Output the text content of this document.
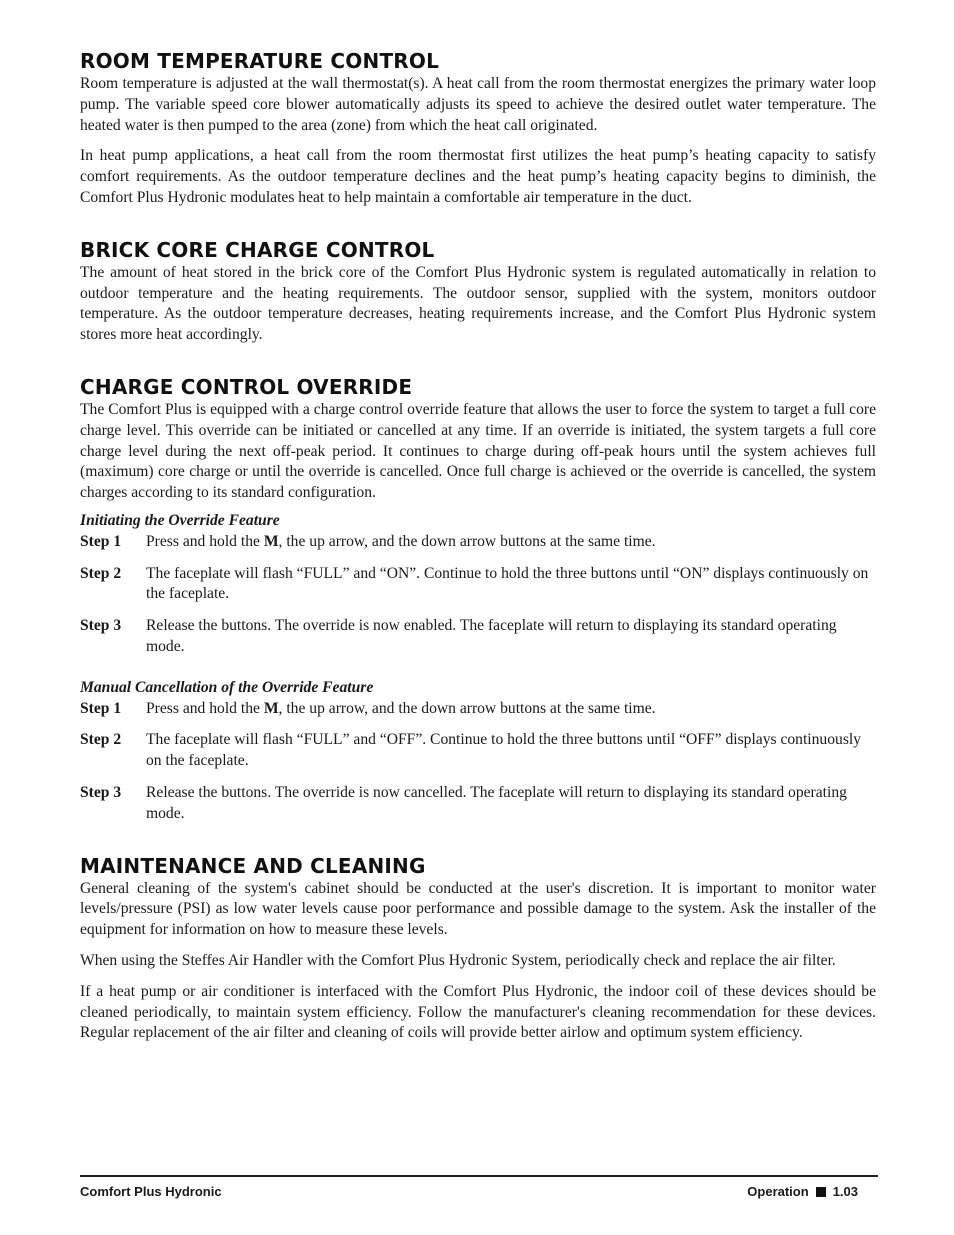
ROOM TEMPERATURE CONTROL

Room temperature is adjusted at the wall thermostat(s). A heat call from the room thermostat energizes the primary water loop pump. The variable speed core blower automatically adjusts its speed to achieve the desired outlet water temperature. The heated water is then pumped to the area (zone) from which the heat call originated.

In heat pump applications, a heat call from the room thermostat first utilizes the heat pump’s heating capacity to satisfy comfort requirements. As the outdoor temperature declines and the heat pump’s heating capacity begins to diminish, the Comfort Plus Hydronic modulates heat to help maintain a comfortable air temperature in the duct.

BRICK CORE CHARGE CONTROL

The amount of heat stored in the brick core of the Comfort Plus Hydronic system is regulated automatically in relation to outdoor temperature and the heating requirements. The outdoor sensor, supplied with the system, monitors outdoor temperature. As the outdoor temperature decreases, heating requirements increase, and the Comfort Plus Hydronic system stores more heat accordingly.

CHARGE CONTROL OVERRIDE

The Comfort Plus is equipped with a charge control override feature that allows the user to force the system to target a full core charge level. This override can be initiated or cancelled at any time. If an override is initiated, the system targets a full core charge level during the next off-peak period. It continues to charge during off-peak hours until the system achieves full (maximum) core charge or until the override is cancelled. Once full charge is achieved or the override is cancelled, the system charges according to its standard configuration.

Initiating the Override Feature
Step 1	Press and hold the M, the up arrow, and the down arrow buttons at the same time.
Step 2	The faceplate will flash “FULL” and “ON”. Continue to hold the three buttons until “ON” displays continuously on the faceplate.
Step 3	Release the buttons. The override is now enabled. The faceplate will return to displaying its standard operating mode.
Manual Cancellation of the Override Feature
Step 1	Press and hold the M, the up arrow, and the down arrow buttons at the same time.
Step 2	The faceplate will flash “FULL” and “OFF”. Continue to hold the three buttons until “OFF” displays continuously on the faceplate.
Step 3	Release the buttons. The override is now cancelled. The faceplate will return to displaying its standard operating mode.
MAINTENANCE AND CLEANING

General cleaning of the system's cabinet should be conducted at the user's discretion. It is important to monitor water levels/pressure (PSI) as low water levels cause poor performance and possible damage to the system. Ask the installer of the equipment for information on how to measure these levels.

When using the Steffes Air Handler with the Comfort Plus Hydronic System, periodically check and replace the air filter.

If a heat pump or air conditioner is interfaced with the Comfort Plus Hydronic, the indoor coil of these devices should be cleaned periodically, to maintain system efficiency. Follow the manufacturer's cleaning recommendation for these devices. Regular replacement of the air filter and cleaning of coils will provide better airlow and optimum system efficiency.

Comfort Plus Hydronic	Operation 1.03
